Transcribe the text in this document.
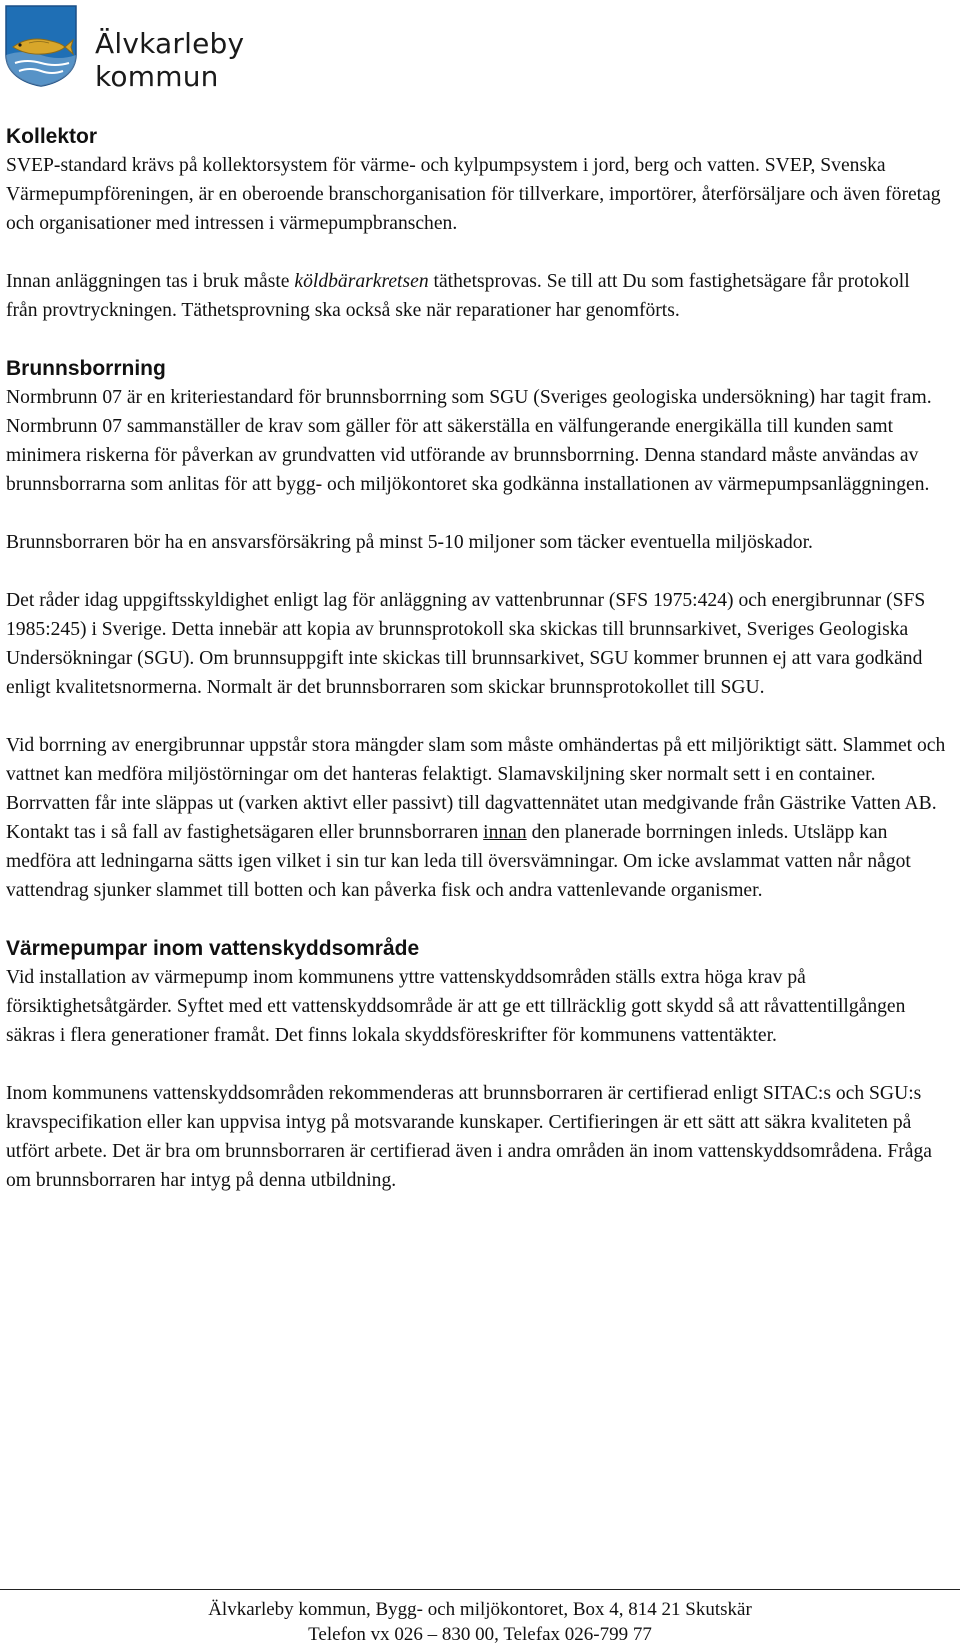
Älvkarleby
kommun
Kollektor

SVEP-standard krävs på kollektorsystem för värme- och kylpumpsystem i jord, berg och vatten. SVEP, Svenska Värmepumpföreningen, är en oberoende branschorganisation för tillverkare, importörer, återförsäljare och även företag och organisationer med intressen i värmepumpbranschen.

Innan anläggningen tas i bruk måste köldbärarkretsen täthetsprovas. Se till att Du som fastighetsägare får protokoll från provtryckningen. Täthetsprovning ska också ske när reparationer har genomförts.

Brunnsborrning

Normbrunn 07 är en kriteriestandard för brunnsborrning som SGU (Sveriges geologiska undersökning) har tagit fram. Normbrunn 07 sammanställer de krav som gäller för att säkerställa en välfungerande energikälla till kunden samt minimera riskerna för påverkan av grundvatten vid utförande av brunnsborrning. Denna standard måste användas av brunnsborrarna som anlitas för att bygg- och miljökontoret ska godkänna installationen av värmepumpsanläggningen.

Brunnsborraren bör ha en ansvarsförsäkring på minst 5-10 miljoner som täcker eventuella miljöskador.

Det råder idag uppgiftsskyldighet enligt lag för anläggning av vattenbrunnar (SFS 1975:424) och energibrunnar (SFS 1985:245) i Sverige. Detta innebär att kopia av brunnsprotokoll ska skickas till brunnsarkivet, Sveriges Geologiska Undersökningar (SGU). Om brunnsuppgift inte skickas till brunnsarkivet, SGU kommer brunnen ej att vara godkänd enligt kvalitetsnormerna. Normalt är det brunnsborraren som skickar brunnsprotokollet till SGU.

Vid borrning av energibrunnar uppstår stora mängder slam som måste omhändertas på ett miljöriktigt sätt. Slammet och vattnet kan medföra miljöstörningar om det hanteras felaktigt. Slamavskiljning sker normalt sett i en container. Borrvatten får inte släppas ut (varken aktivt eller passivt) till dagvattennätet utan medgivande från Gästrike Vatten AB. Kontakt tas i så fall av fastighetsägaren eller brunnsborraren innan den planerade borrningen inleds. Utsläpp kan medföra att ledningarna sätts igen vilket i sin tur kan leda till översvämningar. Om icke avslammat vatten når något vattendrag sjunker slammet till botten och kan påverka fisk och andra vattenlevande organismer.

Värmepumpar inom vattenskyddsområde

Vid installation av värmepump inom kommunens yttre vattenskyddsområden ställs extra höga krav på försiktighetsåtgärder. Syftet med ett vattenskyddsområde är att ge ett tillräcklig gott skydd så att råvattentillgången säkras i flera generationer framåt. Det finns lokala skyddsföreskrifter för kommunens vattentäkter.

Inom kommunens vattenskyddsområden rekommenderas att brunnsborraren är certifierad enligt SITAC:s och SGU:s kravspecifikation eller kan uppvisa intyg på motsvarande kunskaper. Certifieringen är ett sätt att säkra kvaliteten på utfört arbete. Det är bra om brunnsborraren är certifierad även i andra områden än inom vattenskyddsområdena. Fråga om brunnsborraren har intyg på denna utbildning.

Älvkarleby kommun, Bygg- och miljökontoret, Box 4, 814 21 Skutskär
Telefon vx 026 – 830 00, Telefax 026-799 77
